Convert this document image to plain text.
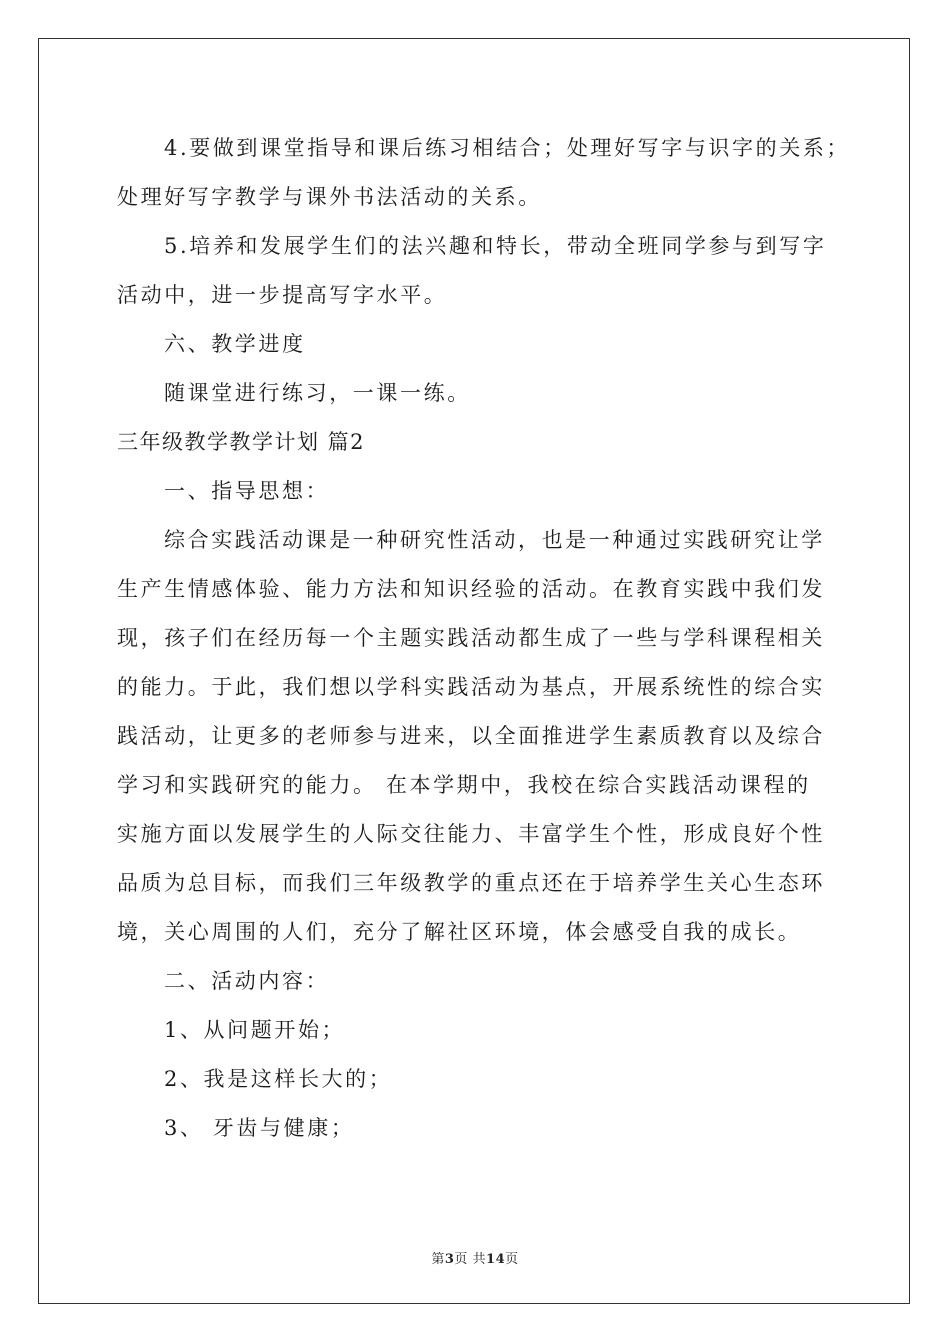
4.要做到课堂指导和课后练习相结合；处理好写字与识字的关系；
处理好写字教学与课外书法活动的关系。
5.培养和发展学生们的法兴趣和特长，带动全班同学参与到写字
活动中，进一步提高写字水平。
六、教学进度
随课堂进行练习，一课一练。
三年级教学教学计划 篇2
一、指导思想：
综合实践活动课是一种研究性活动，也是一种通过实践研究让学
生产生情感体验、能力方法和知识经验的活动。在教育实践中我们发
现，孩子们在经历每一个主题实践活动都生成了一些与学科课程相关
的能力。于此，我们想以学科实践活动为基点，开展系统性的综合实
践活动，让更多的老师参与进来，以全面推进学生素质教育以及综合
学习和实践研究的能力。 在本学期中，我校在综合实践活动课程的
实施方面以发展学生的人际交往能力、丰富学生个性，形成良好个性
品质为总目标，而我们三年级教学的重点还在于培养学生关心生态环
境，关心周围的人们，充分了解社区环境，体会感受自我的成长。
二、活动内容：
1、从问题开始；
2、我是这样长大的；
3、 牙齿与健康；
第3页 共14页
